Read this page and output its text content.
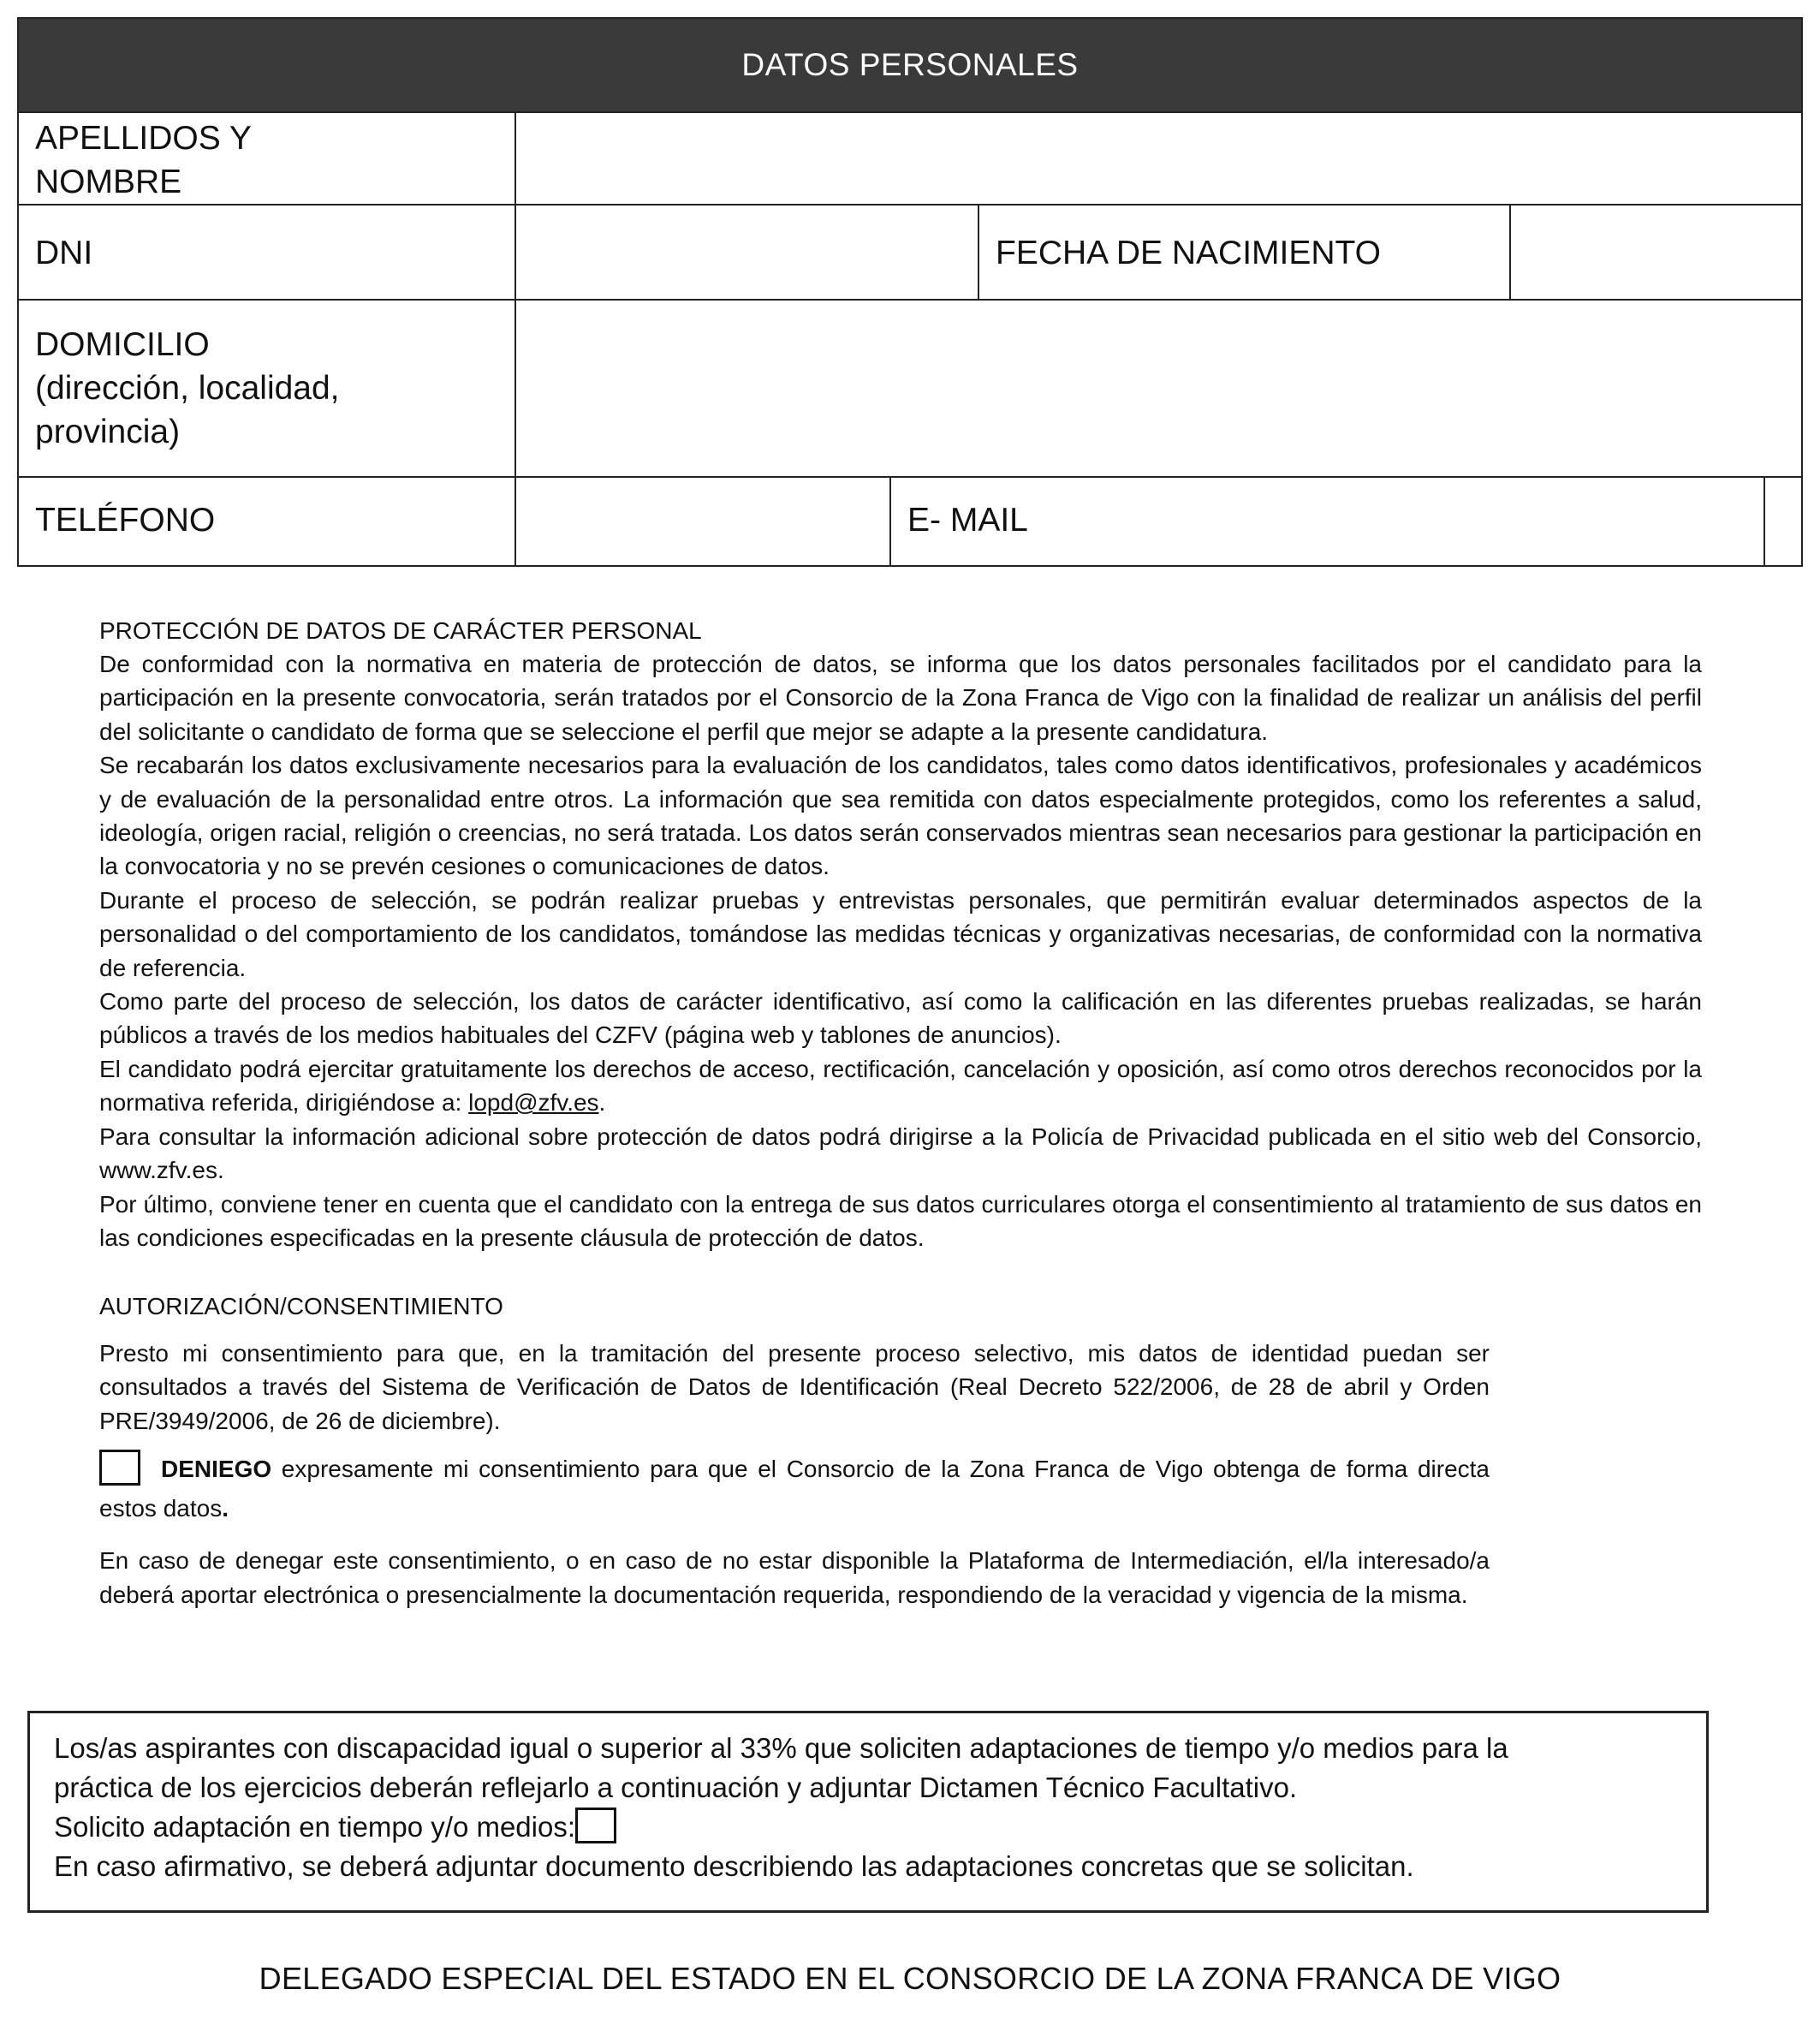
DATOS PERSONALES
APELLIDOS Y
NOMBRE
DNI	FECHA DE NACIMIENTO
DOMICILIO
(dirección, localidad,
provincia)
TELÉFONO	E- MAIL
PROTECCIÓN DE DATOS DE CARÁCTER PERSONAL

De conformidad con la normativa en materia de protección de datos, se informa que los datos personales facilitados por el candidato para la participación en la presente convocatoria, serán tratados por el Consorcio de la Zona Franca de Vigo con la finalidad de realizar un análisis del perfil del solicitante o candidato de forma que se seleccione el perfil que mejor se adapte a la presente candidatura.

Se recabarán los datos exclusivamente necesarios para la evaluación de los candidatos, tales como datos identificativos, profesionales y académicos y de evaluación de la personalidad entre otros. La información que sea remitida con datos especialmente protegidos, como los referentes a salud, ideología, origen racial, religión o creencias, no será tratada. Los datos serán conservados mientras sean necesarios para gestionar la participación en la convocatoria y no se prevén cesiones o comunicaciones de datos.

Durante el proceso de selección, se podrán realizar pruebas y entrevistas personales, que permitirán evaluar determinados aspectos de la personalidad o del comportamiento de los candidatos, tomándose las medidas técnicas y organizativas necesarias, de conformidad con la normativa de referencia.

Como parte del proceso de selección, los datos de carácter identificativo, así como la calificación en las diferentes pruebas realizadas, se harán públicos a través de los medios habituales del CZFV (página web y tablones de anuncios).

El candidato podrá ejercitar gratuitamente los derechos de acceso, rectificación, cancelación y oposición, así como otros derechos reconocidos por la normativa referida, dirigiéndose a: lopd@zfv.es.

Para consultar la información adicional sobre protección de datos podrá dirigirse a la Policía de Privacidad publicada en el sitio web del Consorcio, www.zfv.es.

Por último, conviene tener en cuenta que el candidato con la entrega de sus datos curriculares otorga el consentimiento al tratamiento de sus datos en las condiciones especificadas en la presente cláusula de protección de datos.

AUTORIZACIÓN/CONSENTIMIENTO

Presto mi consentimiento para que, en la tramitación del presente proceso selectivo, mis datos de identidad puedan ser consultados a través del Sistema de Verificación de Datos de Identificación (Real Decreto 522/2006, de 28 de abril y Orden PRE/3949/2006, de 26 de diciembre).

DENIEGO expresamente mi consentimiento para que el Consorcio de la Zona Franca de Vigo obtenga de forma directa estos datos.

En caso de denegar este consentimiento, o en caso de no estar disponible la Plataforma de Intermediación, el/la interesado/a deberá aportar electrónica o presencialmente la documentación requerida, respondiendo de la veracidad y vigencia de la misma.

Los/as aspirantes con discapacidad igual o superior al 33% que soliciten adaptaciones de tiempo y/o medios para la
práctica de los ejercicios deberán reflejarlo a continuación y adjuntar Dictamen Técnico Facultativo.
Solicito adaptación en tiempo y/o medios:
En caso afirmativo, se deberá adjuntar documento describiendo las adaptaciones concretas que se solicitan.
DELEGADO ESPECIAL DEL ESTADO EN EL CONSORCIO DE LA ZONA FRANCA DE VIGO
